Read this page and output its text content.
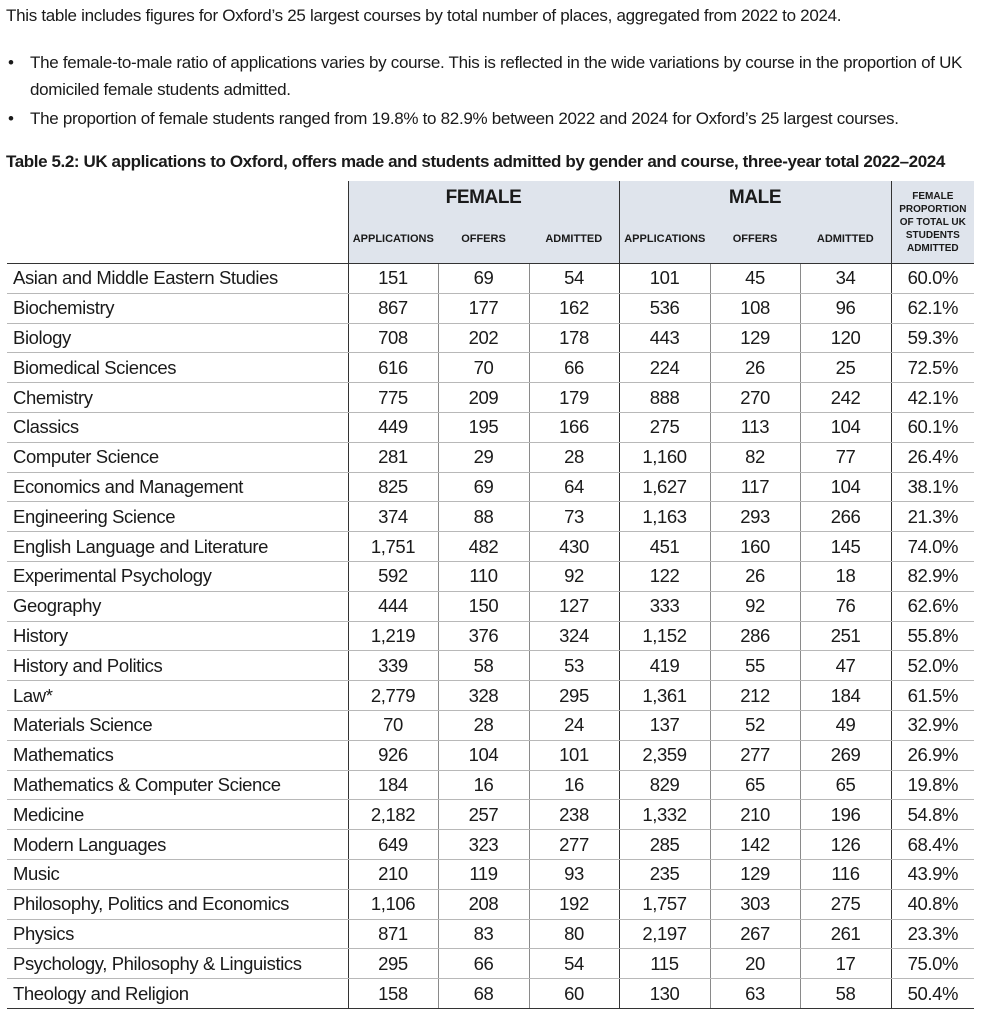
This table includes figures for Oxford’s 25 largest courses by total number of places, aggregated from 2022 to 2024.
• The female-to-male ratio of applications varies by course. This is reflected in the wide variations by course in the proportion of UK
domiciled female students admitted.
• The proportion of female students ranged from 19.8% to 82.9% between 2022 and 2024 for Oxford’s 25 largest courses.
Table 5.2: UK applications to Oxford, offers made and students admitted by gender and course, three-year total 2022–2024
	FEMALE			MALE			FEMALE PROPORTION OF TOTAL UK STUDENTS ADMITTED
	APPLICATIONS	OFFERS	ADMITTED	APPLICATIONS	OFFERS	ADMITTED	
Asian and Middle Eastern Studies	151	69	54	101	45	34	60.0%
Biochemistry	867	177	162	536	108	96	62.1%
Biology	708	202	178	443	129	120	59.3%
Biomedical Sciences	616	70	66	224	26	25	72.5%
Chemistry	775	209	179	888	270	242	42.1%
Classics	449	195	166	275	113	104	60.1%
Computer Science	281	29	28	1,160	82	77	26.4%
Economics and Management	825	69	64	1,627	117	104	38.1%
Engineering Science	374	88	73	1,163	293	266	21.3%
English Language and Literature	1,751	482	430	451	160	145	74.0%
Experimental Psychology	592	110	92	122	26	18	82.9%
Geography	444	150	127	333	92	76	62.6%
History	1,219	376	324	1,152	286	251	55.8%
History and Politics	339	58	53	419	55	47	52.0%
Law*	2,779	328	295	1,361	212	184	61.5%
Materials Science	70	28	24	137	52	49	32.9%
Mathematics	926	104	101	2,359	277	269	26.9%
Mathematics & Computer Science	184	16	16	829	65	65	19.8%
Medicine	2,182	257	238	1,332	210	196	54.8%
Modern Languages	649	323	277	285	142	126	68.4%
Music	210	119	93	235	129	116	43.9%
Philosophy, Politics and Economics	1,106	208	192	1,757	303	275	40.8%
Physics	871	83	80	2,197	267	261	23.3%
Psychology, Philosophy & Linguistics	295	66	54	115	20	17	75.0%
Theology and Religion	158	68	60	130	63	58	50.4%
